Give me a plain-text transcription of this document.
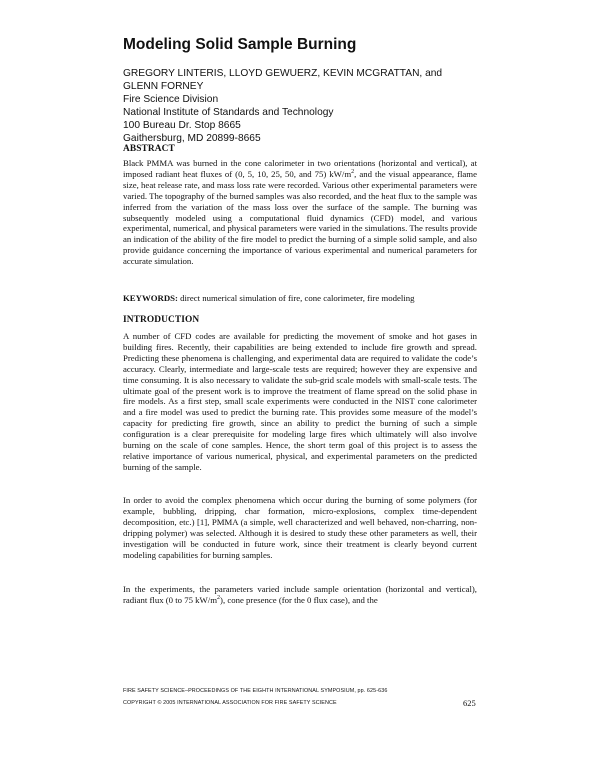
Modeling Solid Sample Burning
GREGORY LINTERIS, LLOYD GEWUERZ, KEVIN MCGRATTAN, and
GLENN FORNEY
Fire Science Division
National Institute of Standards and Technology
100 Bureau Dr. Stop 8665
Gaithersburg, MD 20899-8665
ABSTRACT
Black PMMA was burned in the cone calorimeter in two orientations (horizontal and vertical), at imposed radiant heat fluxes of (0, 5, 10, 25, 50, and 75) $kW/m^2$, and the visual appearance, flame size, heat release rate, and mass loss rate were recorded. Various other experimental parameters were varied. The topography of the burned samples was also recorded, and the heat flux to the sample was inferred from the variation of the mass loss over the surface of the sample. The burning was subsequently modeled using a computational fluid dynamics (CFD) model, and various experimental, numerical, and physical parameters were varied in the simulations. The results provide an indication of the ability of the fire model to predict the burning of a simple solid sample, and also provide guidance concerning the importance of various experimental and numerical parameters for accurate simulation.
KEYWORDS: direct numerical simulation of fire, cone calorimeter, fire modeling
INTRODUCTION
A number of CFD codes are available for predicting the movement of smoke and hot gases in building fires. Recently, their capabilities are being extended to include fire growth and spread. Predicting these phenomena is challenging, and experimental data are required to validate the code’s accuracy. Clearly, intermediate and large-scale tests are required; however they are expensive and time consuming. It is also necessary to validate the sub-grid scale models with small-scale tests. The ultimate goal of the present work is to improve the treatment of flame spread on the solid phase in fire models. As a first step, small scale experiments were conducted in the NIST cone calorimeter and a fire model was used to predict the burning rate. This provides some measure of the model’s capacity for predicting fire growth, since an ability to predict the burning of such a simple configuration is a clear prerequisite for modeling large fires which ultimately will also involve burning on the scale of cone samples. Hence, the short term goal of this project is to assess the relative importance of various numerical, physical, and experimental parameters on the predicted burning of the sample.
In order to avoid the complex phenomena which occur during the burning of some polymers (for example, bubbling, dripping, char formation, micro-explosions, complex time-dependent decomposition, etc.) [1], PMMA (a simple, well characterized and well behaved, non-charring, non-dripping polymer) was selected. Although it is desired to study these other parameters as well, their investigation will be conducted in future work, since their treatment is clearly beyond current modeling capabilities for burning samples.
In the experiments, the parameters varied include sample orientation (horizontal and vertical), radiant flux (0 to 75 $kW/m^2$), cone presence (for the 0 flux case), and the
FIRE SAFETY SCIENCE–PROCEEDINGS OF THE EIGHTH INTERNATIONAL SYMPOSIUM, pp. 625-636
COPYRIGHT © 2005 INTERNATIONAL ASSOCIATION FOR FIRE SAFETY SCIENCE	625
